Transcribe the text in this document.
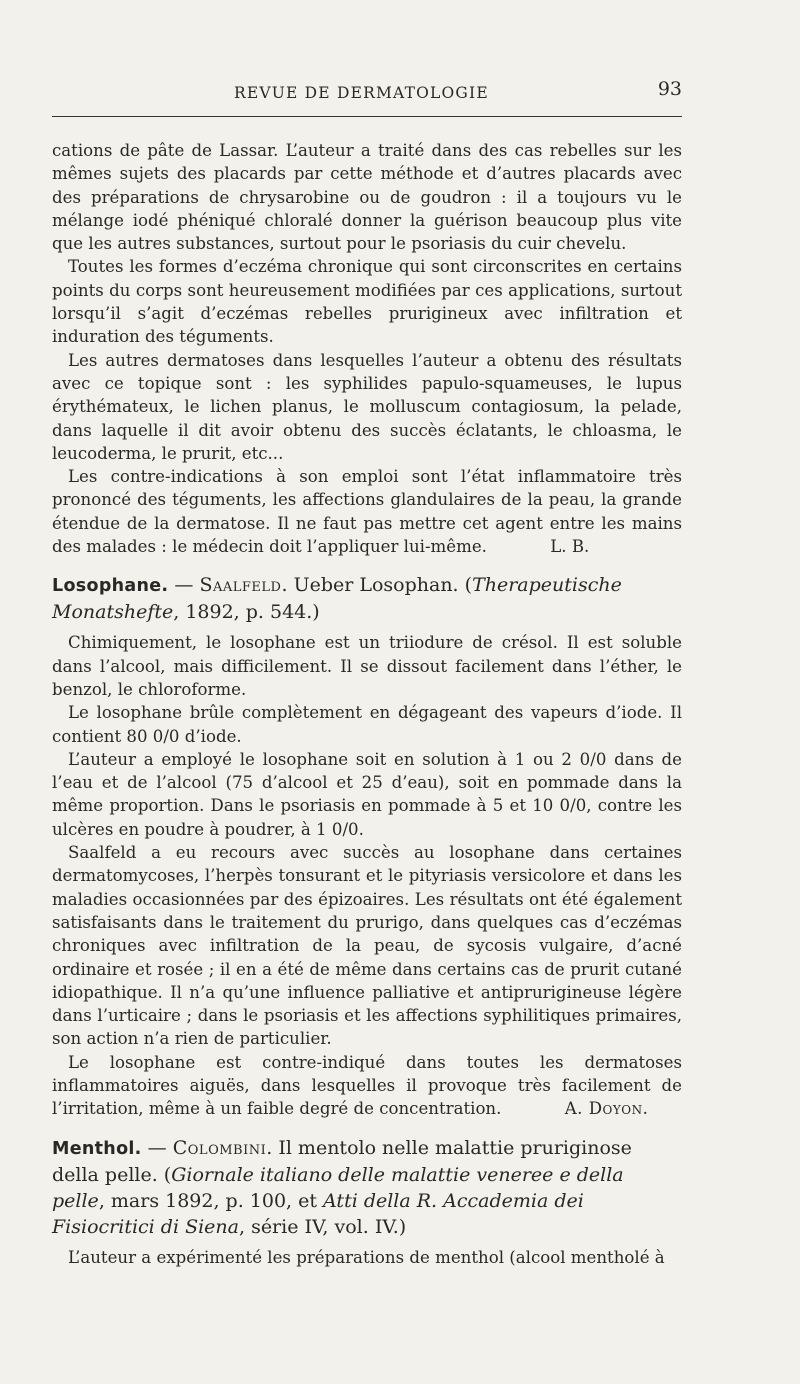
REVUE DE DERMATOLOGIE	93

cations de pâte de Lassar. L’auteur a traité dans des cas rebelles sur les mêmes sujets des placards par cette méthode et d’autres placards avec des préparations de chrysarobine ou de goudron : il a toujours vu le mélange iodé phéniqué chloralé donner la guérison beaucoup plus vite que les autres substances, surtout pour le psoriasis du cuir chevelu.

Toutes les formes d’eczéma chronique qui sont circonscrites en certains points du corps sont heureusement modifiées par ces applications, surtout lorsqu’il s’agit d’eczémas rebelles prurigineux avec infiltration et induration des téguments.

Les autres dermatoses dans lesquelles l’auteur a obtenu des résultats avec ce topique sont : les syphilides papulo-squameuses, le lupus érythémateux, le lichen planus, le molluscum contagiosum, la pelade, dans laquelle il dit avoir obtenu des succès éclatants, le chloasma, le leucoderma, le prurit, etc...

Les contre-indications à son emploi sont l’état inflammatoire très prononcé des téguments, les affections glandulaires de la peau, la grande étendue de la dermatose. Il ne faut pas mettre cet agent entre les mains des malades : le médecin doit l’appliquer lui-même.	L. B.

Losophane. — Saalfeld. Ueber Losophan. (Therapeutische Monatshefte, 1892, p. 544.)

Chimiquement, le losophane est un triiodure de crésol. Il est soluble dans l’alcool, mais difficilement. Il se dissout facilement dans l’éther, le benzol, le chloroforme.

Le losophane brûle complètement en dégageant des vapeurs d’iode. Il contient 80 0/0 d’iode.

L’auteur a employé le losophane soit en solution à 1 ou 2 0/0 dans de l’eau et de l’alcool (75 d’alcool et 25 d’eau), soit en pommade dans la même proportion. Dans le psoriasis en pommade à 5 et 10 0/0, contre les ulcères en poudre à poudrer, à 1 0/0.

Saalfeld a eu recours avec succès au losophane dans certaines dermatomycoses, l’herpès tonsurant et le pityriasis versicolore et dans les maladies occasionnées par des épizoaires. Les résultats ont été également satisfaisants dans le traitement du prurigo, dans quelques cas d’eczémas chroniques avec infiltration de la peau, de sycosis vulgaire, d’acné ordinaire et rosée ; il en a été de même dans certains cas de prurit cutané idiopathique. Il n’a qu’une influence palliative et antiprurigineuse légère dans l’urticaire ; dans le psoriasis et les affections syphilitiques primaires, son action n’a rien de particulier.

Le losophane est contre-indiqué dans toutes les dermatoses inflammatoires aiguës, dans lesquelles il provoque très facilement de l’irritation, même à un faible degré de concentration.	A. Doyon.

Menthol. — Colombini. Il mentolo nelle malattie pruriginose della pelle. (Giornale italiano delle malattie veneree e della pelle, mars 1892, p. 100, et Atti della R. Accademia dei Fisiocritici di Siena, série IV, vol. IV.)

L’auteur a expérimenté les préparations de menthol (alcool mentholé à
